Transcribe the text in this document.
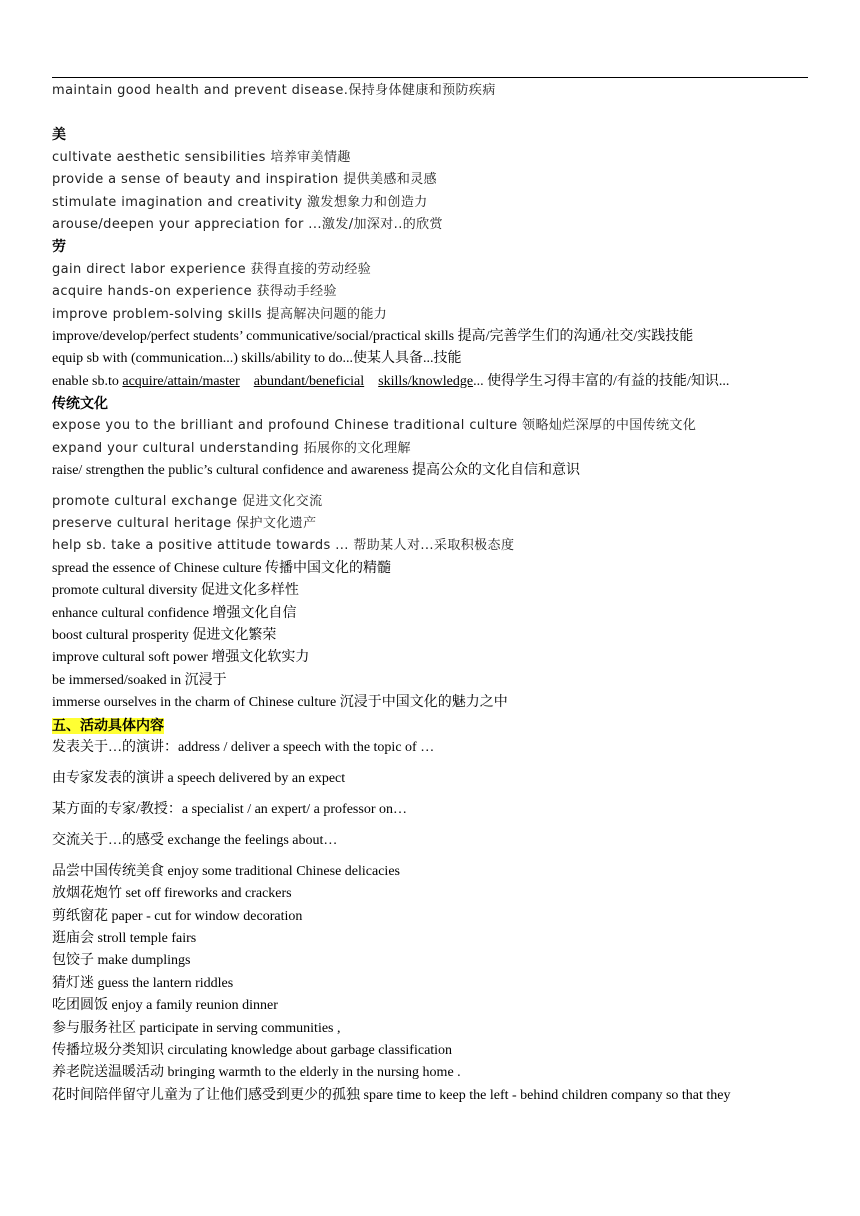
maintain good health and prevent disease.保持身体健康和预防疾病
美
cultivate aesthetic sensibilities 培养审美情趣
provide a sense of beauty and inspiration 提供美感和灵感
stimulate imagination and creativity 激发想象力和创造力
arouse/deepen your appreciation for ...激发/加深对..的欣赏
劳
gain direct labor experience 获得直接的劳动经验
acquire hands-on experience 获得动手经验
improve problem-solving skills 提高解决问题的能力
improve/develop/perfect students’ communicative/social/practical skills 提高/完善学生们的沟通/社交/实践技能
equip sb with (communication...) skills/ability to do...使某人具备...技能
enable sb.to acquire/attain/master abundant/beneficial skills/knowledge... 使得学生习得丰富的/有益的技能/知识...
传统文化
expose you to the brilliant and profound Chinese traditional culture 领略灿烂深厚的中国传统文化
expand your cultural understanding 拓展你的文化理解
raise/ strengthen the public’s cultural confidence and awareness 提高公众的文化自信和意识
promote cultural exchange 促进文化交流
preserve cultural heritage 保护文化遗产
help sb. take a positive attitude towards ... 帮助某人对...采取积极态度
spread the essence of Chinese culture 传播中国文化的精髓
promote cultural diversity 促进文化多样性
enhance cultural confidence 增强文化自信
boost cultural prosperity 促进文化繁荣
improve cultural soft power 增强文化软实力
be immersed/soaked in 沉浸于
immerse ourselves in the charm of Chinese culture 沉浸于中国文化的魅力之中
五、活动具体内容
发表关于…的演讲：address / deliver a speech with the topic of …
由专家发表的演讲 a speech delivered by an expect
某方面的专家/教授：a specialist / an expert/ a professor on…
交流关于…的感受 exchange the feelings about…
品尝中国传统美食 enjoy some traditional Chinese delicacies
放烟花炮竹 set off fireworks and crackers
剪纸窗花 paper - cut for window decoration
逛庙会 stroll temple fairs
包饺子 make dumplings
猜灯迷 guess the lantern riddles
吃团圆饭 enjoy a family reunion dinner
参与服务社区 participate in serving communities ,
传播垃圾分类知识 circulating knowledge about garbage classification
养老院送温暖活动 bringing warmth to the elderly in the nursing home .
花时间陪伴留守儿童为了让他们感受到更少的孤独 spare time to keep the left - behind children company so that they
